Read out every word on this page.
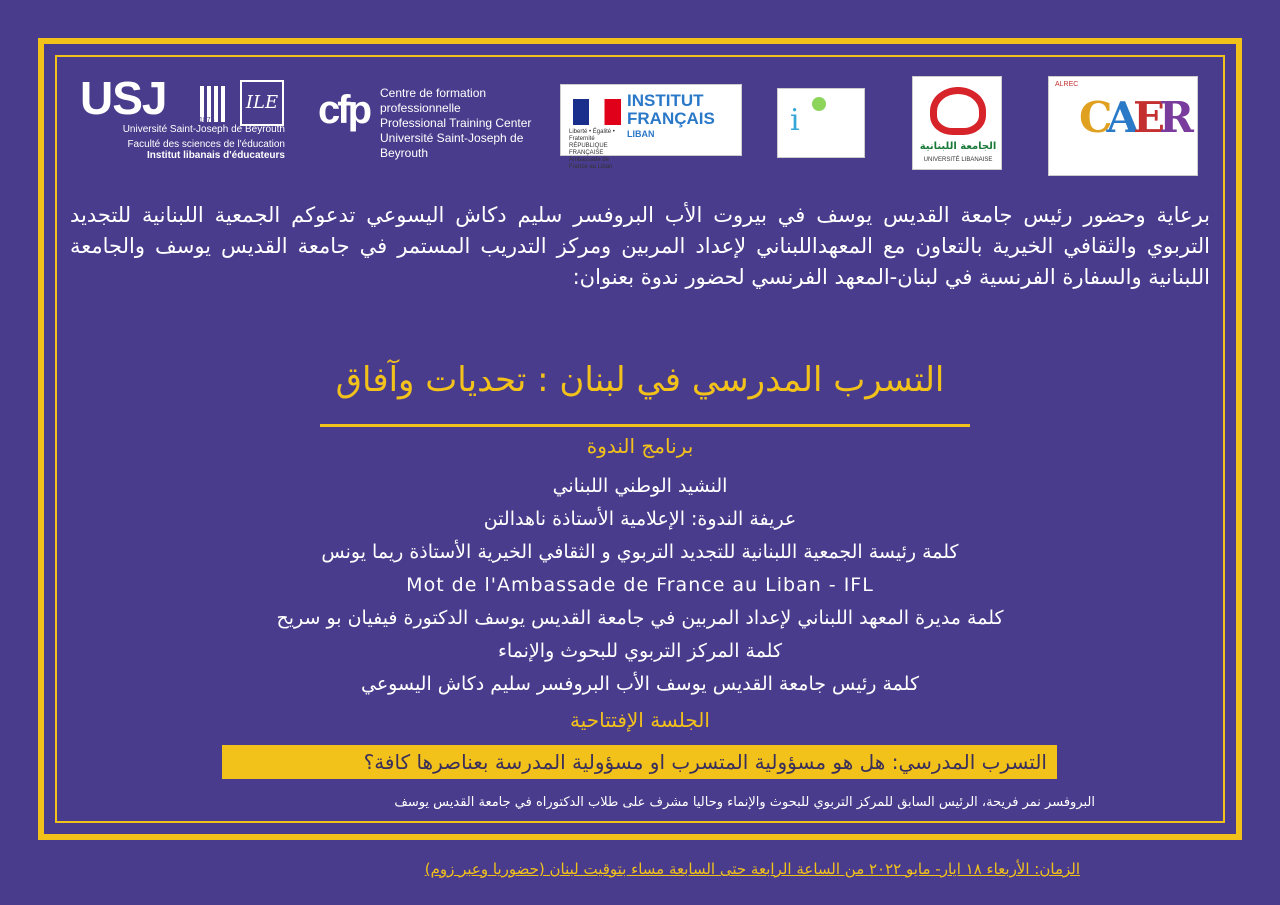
USJ	1875
ILE
Université Saint-Joseph de Beyrouth
Faculté des sciences de l'éducation
Institut libanais d'éducateurs
cfp Centre de formation
professionnelle
Professional Training Center
Université Saint-Joseph de Beyrouth
INSTITUT
FRANÇAIS
LIBAN
Liberté • Égalité • Fraternité RÉPUBLIQUE FRANÇAISE Ambassade de France au Liban
i
الجامعة اللبنانية
UNIVERSITÉ LIBANAISE
ALREC
CAER
برعاية وحضور رئيس جامعة القديس يوسف في بيروت الأب البروفسر سليم دكاش اليسوعي تدعوكم الجمعية اللبنانية للتجديد التربوي والثقافي الخيرية بالتعاون مع المعهداللبناني لإعداد المربين ومركز التدريب المستمر في جامعة القديس يوسف والجامعة اللبنانية والسفارة الفرنسية في لبنان-المعهد الفرنسي لحضور ندوة بعنوان:
التسرب المدرسي في لبنان : تحديات وآفاق
برنامج الندوة
النشيد الوطني اللبناني
عريفة الندوة: الإعلامية الأستاذة ناهدالتن
كلمة رئيسة الجمعية اللبنانية للتجديد التربوي و الثقافي الخيرية الأستاذة ريما يونس
Mot de l'Ambassade de France au Liban - IFL
كلمة مديرة المعهد اللبناني لإعداد المربين في جامعة القديس يوسف الدكتورة فيفيان بو سريح
كلمة المركز التربوي للبحوث والإنماء
كلمة رئيس جامعة القديس يوسف الأب البروفسر سليم دكاش اليسوعي
الجلسة الإفتتاحية
التسرب المدرسي: هل هو مسؤولية المتسرب او مسؤولية المدرسة بعناصرها كافة؟
البروفسر نمر فريحة، الرئيس السابق للمركز التربوي للبحوث والإنماء وحاليا مشرف على طلاب الدكتوراه في جامعة القديس يوسف
الزمان: الأربعاء ١٨ ايار- مايو ٢٠٢٢ من الساعة الرابعة حتى السابعة مساء بتوقيت لبنان (حضوريا وعبر زوم)
